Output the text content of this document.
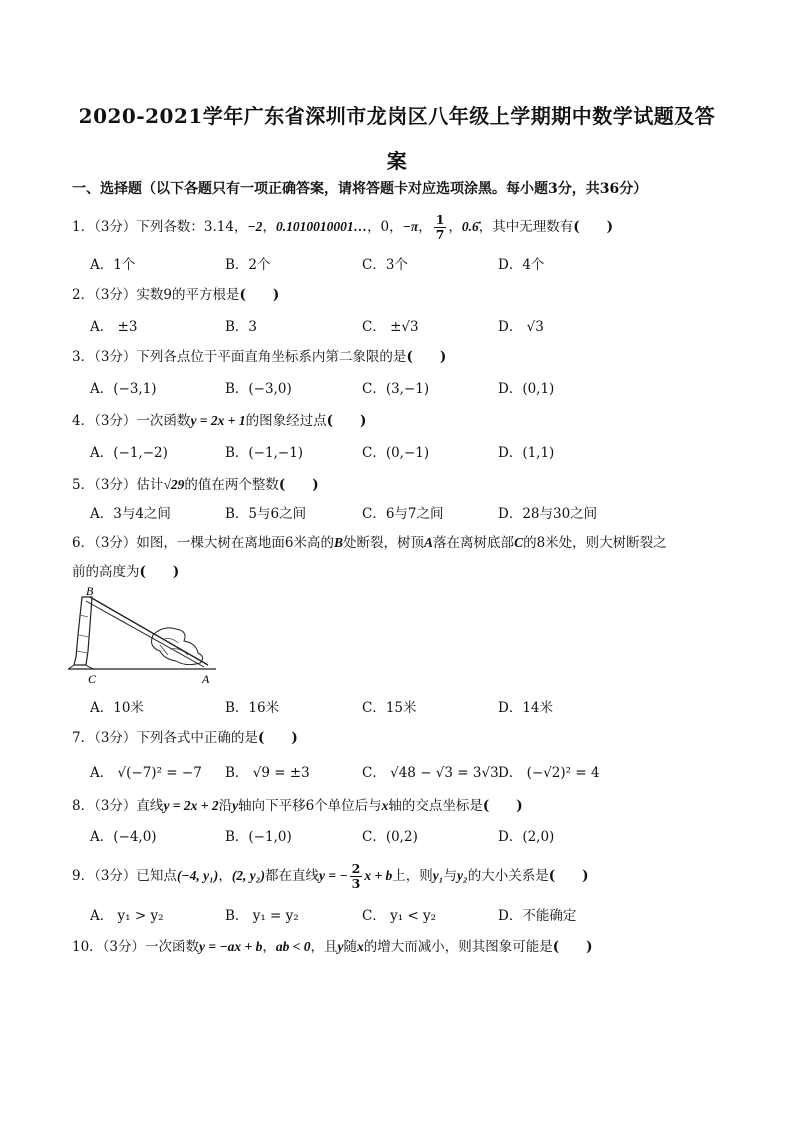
2020-2021学年广东省深圳市龙岗区八年级上学期期中数学试题及答
案
一、选择题（以下各题只有一项正确答案，请将答题卡对应选项涂黑。每小题3分，共36分）
1．（3分）下列各数：3.14，−2，0.1010010001…，0，−π， $\frac{1}{7}$ ，0.6̇，其中无理数有(　　)
A．1个	B．2个	C．3个	D．4个
2．（3分）实数9的平方根是(　　)
A． ±3	B．3	C． ±√3	D． √3
3．（3分）下列各点位于平面直角坐标系内第二象限的是(　　)
A．(−3,1)	B．(−3,0)	C．(3,−1)	D．(0,1)
4．（3分）一次函数y = 2x + 1的图象经过点(　　)
A．(−1,−2)	B．(−1,−1)	C．(0,−1)	D．(1,1)
5．（3分）估计√29的值在两个整数(　　)
A．3与4之间	B．5与6之间	C．6与7之间	D．28与30之间
6．（3分）如图，一棵大树在离地面6米高的B处断裂，树顶A落在离树底部C的8米处，则大树断裂之
前的高度为(　　)
B
C	A
A．10米	B．16米	C．15米	D．14米
7．（3分）下列各式中正确的是(　　)
A． √(−7)² = −7 B． √9 = ±3	C． √48 − √3 = 3√3 D． (−√2)² = 4
8．（3分）直线y = 2x + 2沿y轴向下平移6个单位后与x轴的交点坐标是(　　)
A．(−4,0)	B．(−1,0)	C．(0,2)	D．(2,0)
9．（3分）已知点(−4, y₁)，(2, y₂)都在直线y = − $\frac{2}{3}$ x + b上，则y₁与y₂的大小关系是(　　)
A． y₁ > y₂	B． y₁ = y₂	C． y₁ < y₂	D．不能确定
10．（3分）一次函数y = −ax + b，ab < 0，且y随x的增大而减小，则其图象可能是(　　)
